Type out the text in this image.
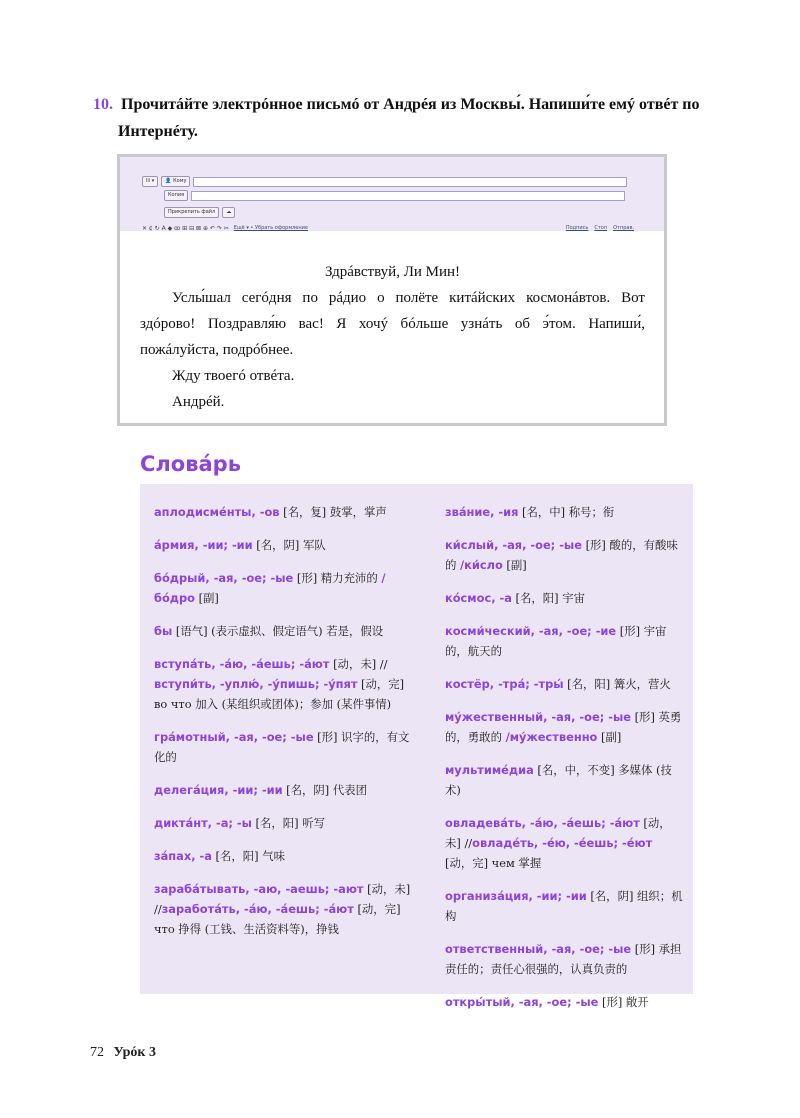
10. Прочитáйте электрóнное письмó от Андрéя из Москвы́. Напиши́те емý отвéт по
Интернéту.
lii ▾	👤 Кому
Копия
Прикрепить файл	☁
✕ ¢ ↻ A ◆ ꝏ ⊞ ⊟ ⊠ ⊕ ↶ ↷ ✂ Ещё ▾ • Убрать оформление	Подпись Стоп Отправ.
Здрáвствуй, Ли Мин!

Услы́шал сегóдня по рáдио о полёте китáйских космонáвтов. Вот здóрово! Поздравля́ю вас! Я хочý бóльше узнáть об э́том. Напиши́, пожáлуйста, подрóбнее.

Жду твоегó отвéта.
Андрéй.
Словáрь
аплодисмéнты, -ов [名，复] 鼓掌，掌声
áрмия, -ии; -ии [名，阴] 军队
бóдрый, -ая, -ое; -ые [形] 精力充沛的 /бóдро [副]
бы [语气] (表示虚拟、假定语气) 若是，假设
вступáть, -áю, -áешь; -áют [动，未] //вступи́ть, -уплю́, -ýпишь; -ýпят [动，完] во что 加入 (某组织或团体)；参加 (某件事情)
грáмотный, -ая, -ое; -ые [形] 识字的，有文化的
делегáция, -ии; -ии [名，阴] 代表团
диктáнт, -а; -ы [名，阳] 听写
зáпах, -а [名，阳] 气味
зарабáтывать, -аю, -аешь; -ают [动，未] //заработáть, -áю, -áешь; -áют [动，完] что 挣得 (工钱、生活资料等)，挣钱
звáние, -ия [名，中] 称号；衔
ки́слый, -ая, -ое; -ые [形] 酸的，有酸味的 /ки́сло [副]
кóсмос, -а [名，阳] 宇宙
косми́ческий, -ая, -ое; -ие [形] 宇宙的，航天的
костёр, -трá; -тры́ [名，阳] 篝火，营火
мýжественный, -ая, -ое; -ые [形] 英勇的，勇敢的 /мýжественно [副]
мультимéдиа [名，中，不变] 多媒体 (技术)
овладевáть, -áю, -áешь; -áют [动，未] //овладéть, -éю, -éешь; -éют [动，完] чем 掌握
организáция, -ии; -ии [名，阴] 组织；机构
ответственный, -ая, -ое; -ые [形] 承担责任的；责任心很强的，认真负责的
откры́тый, -ая, -ое; -ые [形] 敞开
72 Урóк 3
